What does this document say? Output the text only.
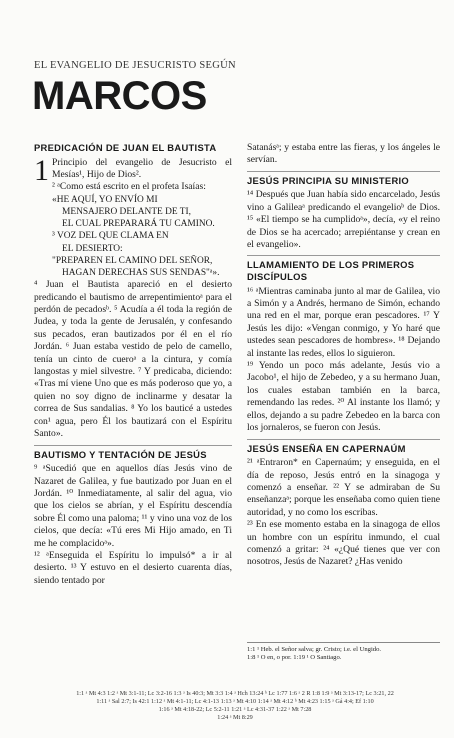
EL EVANGELIO DE JESUCRISTO SEGÚN
MARCOS
PREDICACIÓN DE JUAN EL BAUTISTA

1 Principio del evangelio de Jesucristo el Mesías¹, Hijo de Dios².

² ᵃComo está escrito en el profeta Isaías:

«HE AQUÍ, YO ENVÍO MI
MENSAJERO DELANTE DE TI,
EL CUAL PREPARARÁ TU CAMINO.
³ VOZ DEL QUE CLAMA EN
EL DESIERTO:
"PREPAREN EL CAMINO DEL SEÑOR,
HAGAN DERECHAS SUS SENDAS"ᵃ».

⁴ Juan el Bautista apareció en el desierto predicando el bautismo de arrepentimientoᵃ para el perdón de pecadosᵇ. ⁵ Acudía a él toda la región de Judea, y toda la gente de Jerusalén, y confesando sus pecados, eran bautizados por él en el río Jordán. ⁶ Juan estaba vestido de pelo de camello, tenía un cinto de cueroᵃ a la cintura, y comía langostas y miel silvestre. ⁷ Y predicaba, diciendo: «Tras mí viene Uno que es más poderoso que yo, a quien no soy digno de inclinarme y desatar la correa de Sus sandalias. ⁸ Yo los bauticé a ustedes con¹ agua, pero Él los bautizará con el Espíritu Santo».

BAUTISMO Y TENTACIÓN DE JESÚS

⁹ ᵃSucedió que en aquellos días Jesús vino de Nazaret de Galilea, y fue bautizado por Juan en el Jordán. ¹⁰ Inmediatamente, al salir del agua, vio que los cielos se abrían, y el Espíritu descendía sobre Él como una paloma; ¹¹ y vino una voz de los cielos, que decía: «Tú eres Mi Hijo amado, en Ti me he complacidoᵃ».

¹² ᵃEnseguida el Espíritu lo impulsó* a ir al desierto. ¹³ Y estuvo en el desierto cuarenta días, siendo tentado por

Satanásᵃ; y estaba entre las fieras, y los ángeles le servían.

JESÚS PRINCIPIA SU MINISTERIO

¹⁴ Después que Juan había sido encarcelado, Jesús vino a Galileaᵃ predicando el evangelioᵇ de Dios. ¹⁵ «El tiempo se ha cumplidoᵃ», decía, «y el reino de Dios se ha acercado; arrepiéntanse y crean en el evangelio».

LLAMAMIENTO DE LOS PRIMEROS DISCÍPULOS

¹⁶ ᵃMientras caminaba junto al mar de Galilea, vio a Simón y a Andrés, hermano de Simón, echando una red en el mar, porque eran pescadores. ¹⁷ Y Jesús les dijo: «Vengan conmigo, y Yo haré que ustedes sean pescadores de hombres». ¹⁸ Dejando al instante las redes, ellos lo siguieron.

¹⁹ Yendo un poco más adelante, Jesús vio a Jacobo¹, el hijo de Zebedeo, y a su hermano Juan, los cuales estaban también en la barca, remendando las redes. ²⁰ Al instante los llamó; y ellos, dejando a su padre Zebedeo en la barca con los jornaleros, se fueron con Jesús.

JESÚS ENSEÑA EN CAPERNAÚM

²¹ ᵃEntraron* en Capernaúm; y enseguida, en el día de reposo, Jesús entró en la sinagoga y comenzó a enseñar. ²² Y se admiraban de Su enseñanzaᵃ; porque les enseñaba como quien tiene autoridad, y no como los escribas.

²³ En ese momento estaba en la sinagoga de ellos un hombre con un espíritu inmundo, el cual comenzó a gritar: ²⁴ «¿Qué tienes que ver con nosotros, Jesús de Nazaret? ¿Has venido

1:1 ¹ Heb. el Señor salva; gr. Cristo; i.e. el Ungido.
1:8 ¹ O en, o por. 1:19 ¹ O Santiago.
1:1 ᵃ Mt 4:3 1:2 ᵃ Mt 3:1-11; Lc 3:2-16 1:3 ᵃ Is 40:3; Mt 3:3 1:4 ᵃ Hch 13:24 ᵇ Lc 1:77 1:6 ᵃ 2 R 1:8 1:9 ᵃ Mt 3:13-17; Lc 3:21, 22
1:11 ᵃ Sal 2:7; Is 42:1 1:12 ᵃ Mt 4:1-11; Lc 4:1-13 1:13 ᵃ Mt 4:10 1:14 ᵃ Mt 4:12 ᵇ Mt 4:23 1:15 ᵃ Gá 4:4; Ef 1:10
1:16 ᵃ Mt 4:18-22; Lc 5:2-11 1:21 ᵃ Lc 4:31-37 1:22 ᵃ Mt 7:28
1:24 ᵃ Mt 8:29
